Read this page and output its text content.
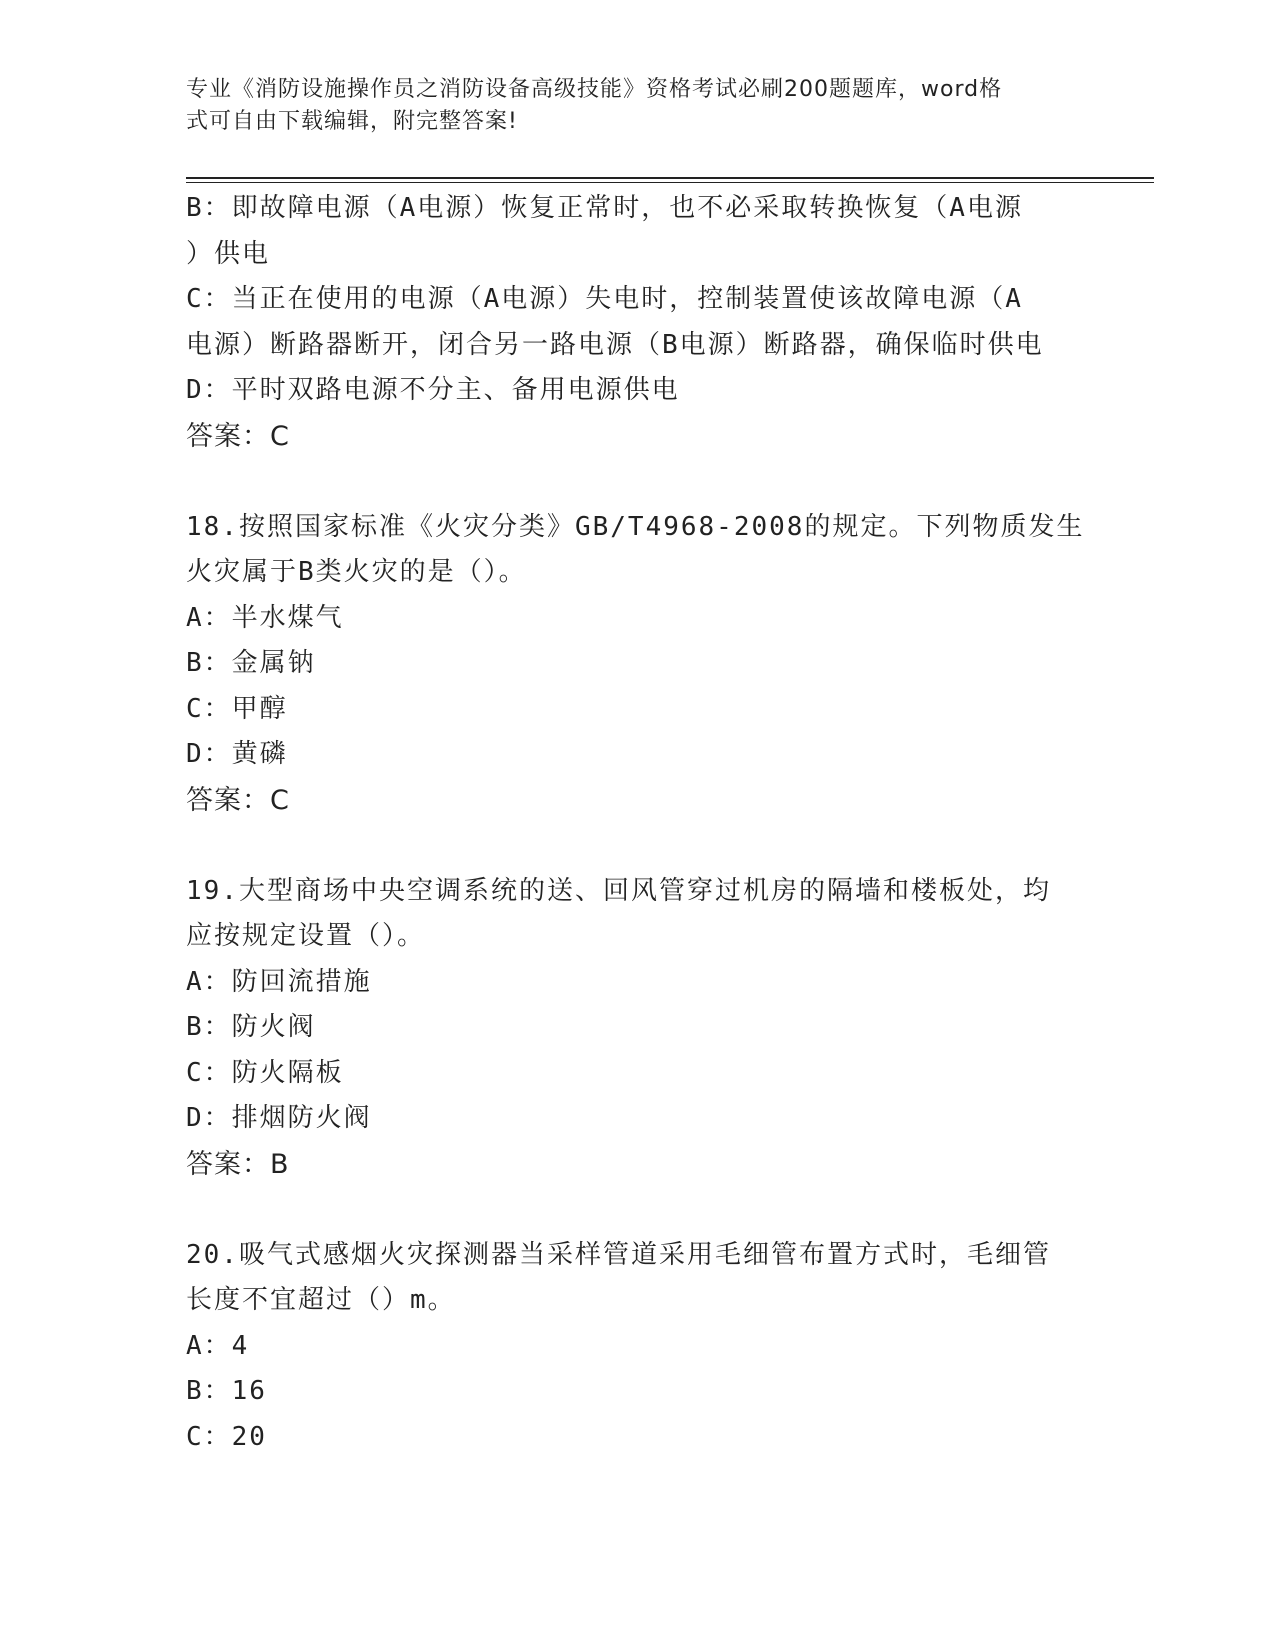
专业《消防设施操作员之消防设备高级技能》资格考试必刷200题题库，word格
式可自由下载编辑，附完整答案!
B：即故障电源（A电源）恢复正常时，也不必采取转换恢复（A电源
）供电
C：当正在使用的电源（A电源）失电时，控制装置使该故障电源（A
电源）断路器断开，闭合另一路电源（B电源）断路器，确保临时供电
D：平时双路电源不分主、备用电源供电
答案：C
18.按照国家标准《火灾分类》GB/T4968-2008的规定。下列物质发生
火灾属于B类火灾的是（）。
A：半水煤气
B：金属钠
C：甲醇
D：黄磷
答案：C
19.大型商场中央空调系统的送、回风管穿过机房的隔墙和楼板处，均
应按规定设置（）。
A：防回流措施
B：防火阀
C：防火隔板
D：排烟防火阀
答案：B
20.吸气式感烟火灾探测器当采样管道采用毛细管布置方式时，毛细管
长度不宜超过（）m。
A：4
B：16
C：20
